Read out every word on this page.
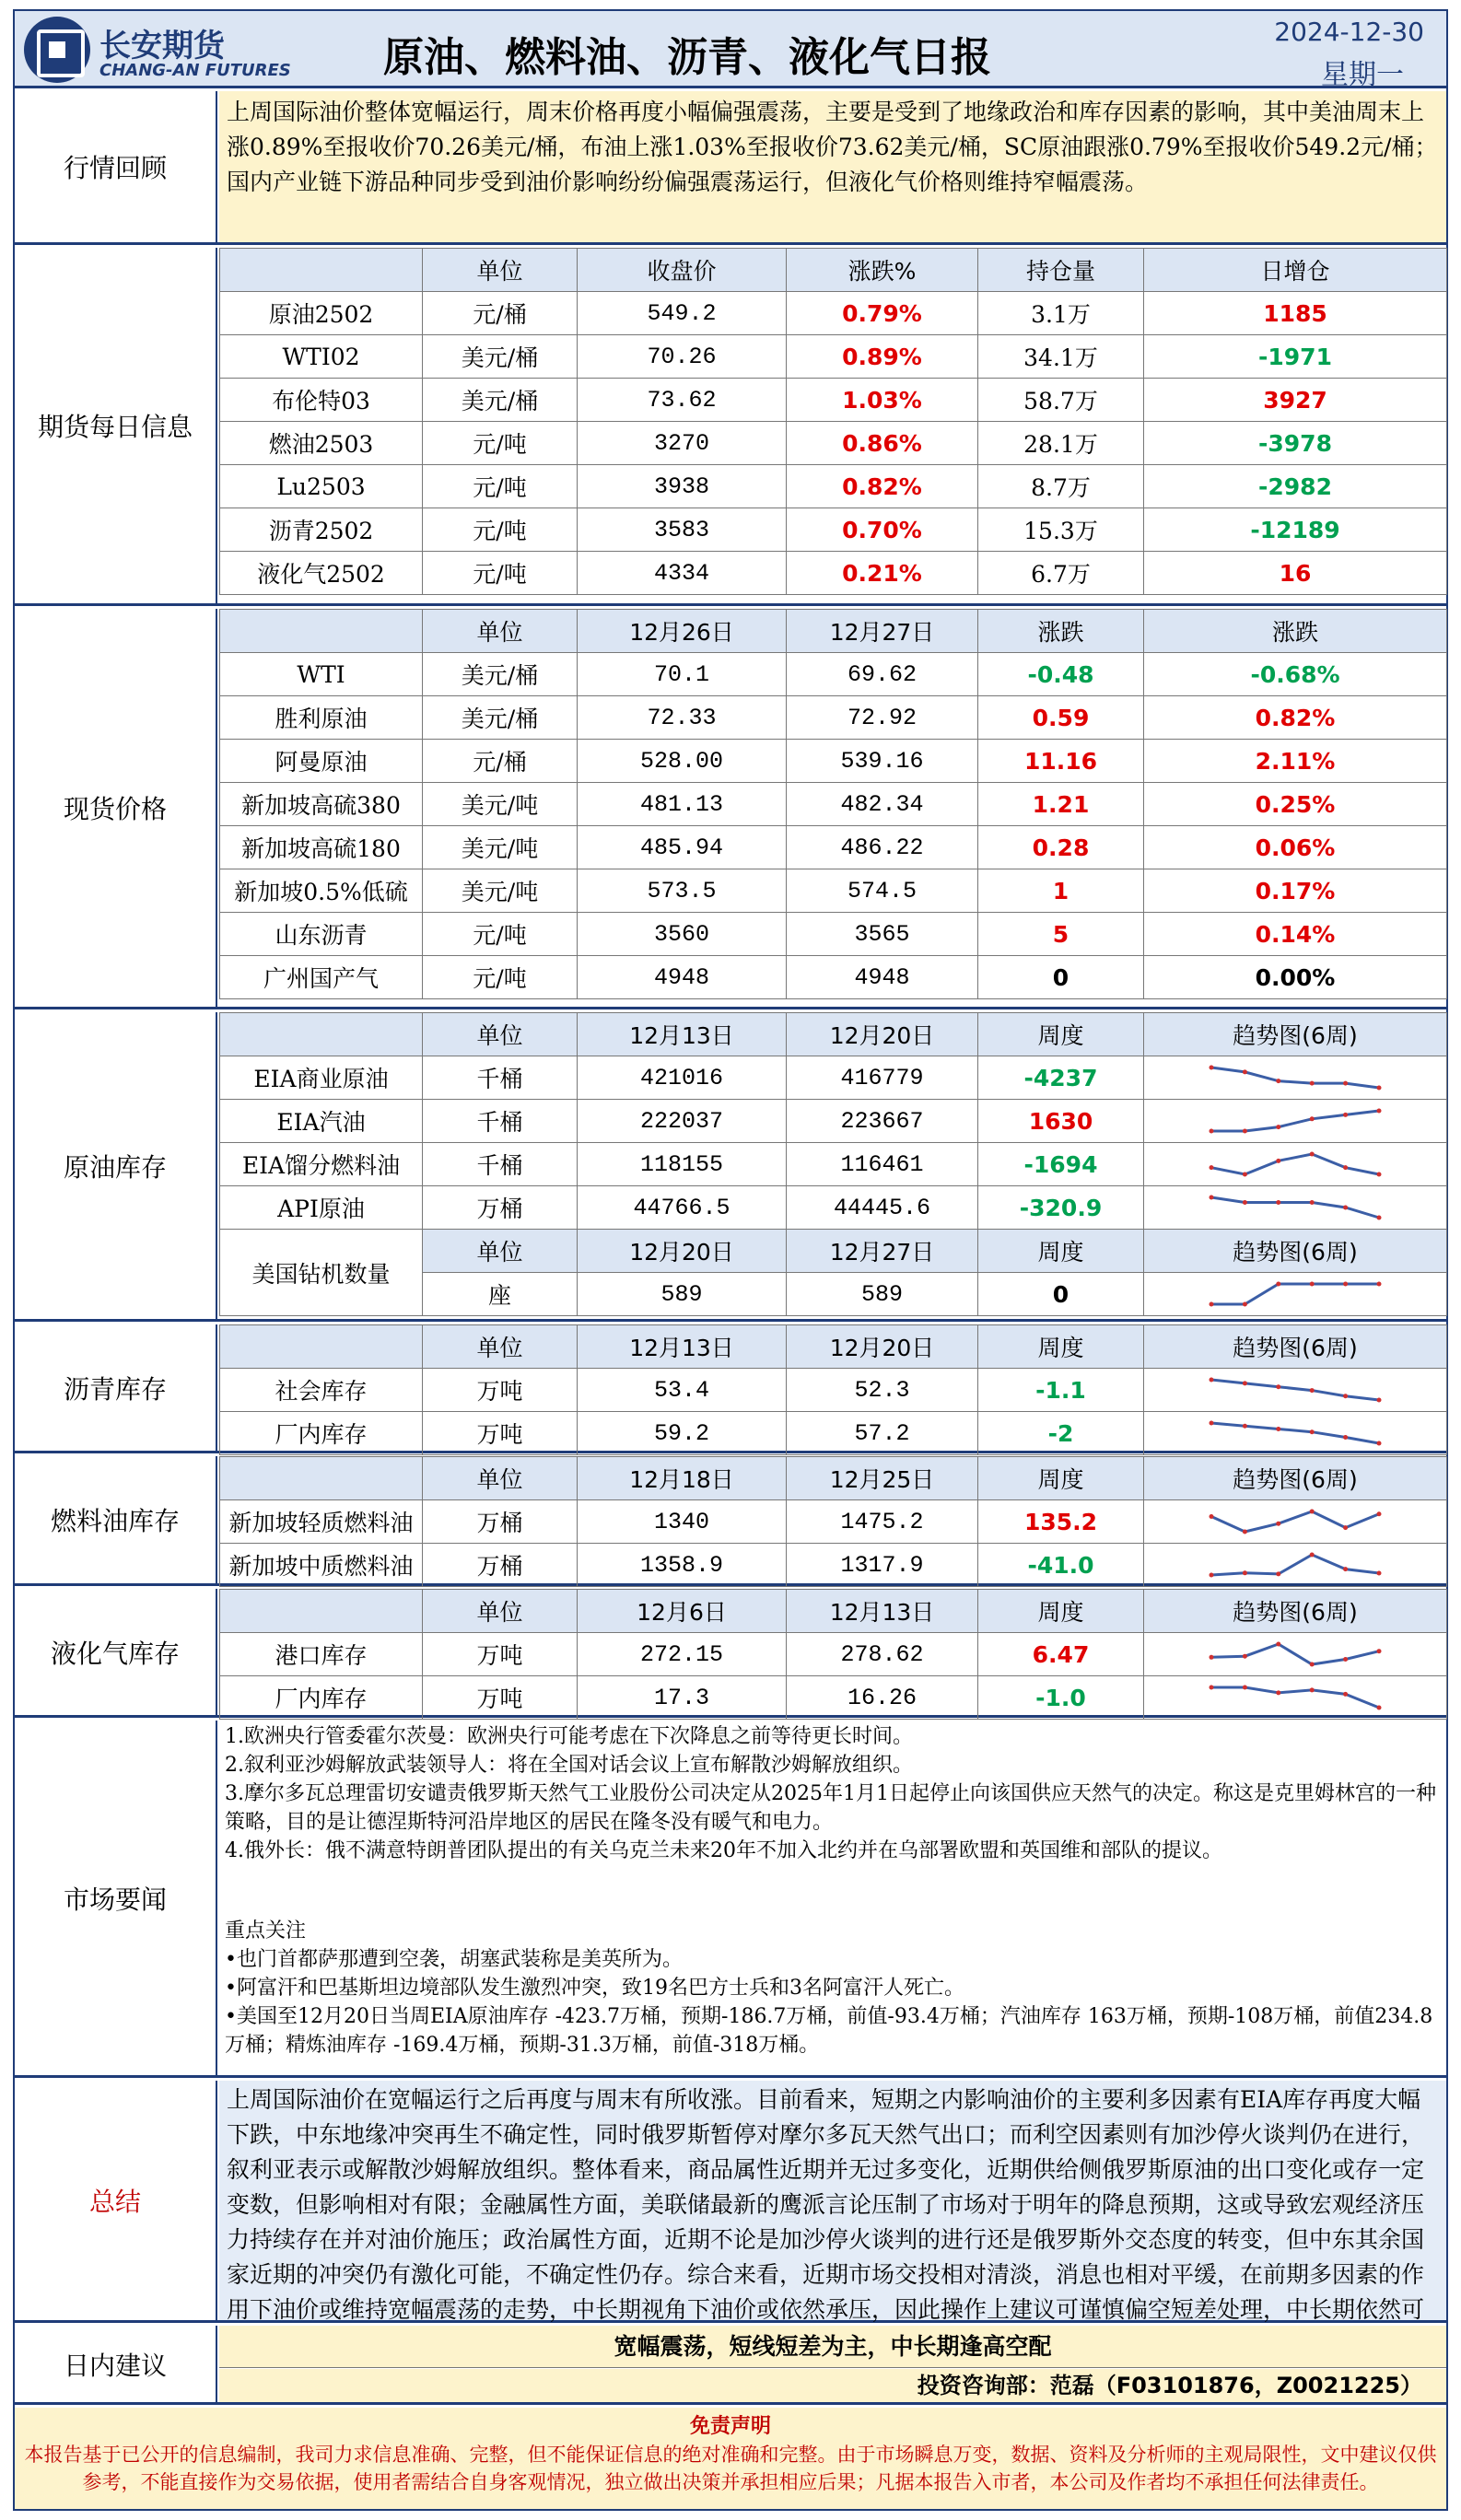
长安期货
CHANG-AN FUTURES 原油、燃料油、沥青、液化气日报
2024-12-30
星期一
行情回顾
上周国际油价整体宽幅运行，周末价格再度小幅偏强震荡，主要是受到了地缘政治和库存因素的影响，其中美油周末上涨0.89%至报收价70.26美元/桶，布油上涨1.03%至报收价73.62美元/桶，SC原油跟涨0.79%至报收价549.2元/桶；国内产业链下游品种同步受到油价影响纷纷偏强震荡运行，但液化气价格则维持窄幅震荡。
期货每日信息
	单位	收盘价	涨跌%	持仓量	日增仓
原油2502	元/桶	549.2	0.79%	3.1万	1185
WTI02	美元/桶	70.26	0.89%	34.1万	-1971
布伦特03	美元/桶	73.62	1.03%	58.7万	3927
燃油2503	元/吨	3270	0.86%	28.1万	-3978
Lu2503	元/吨	3938	0.82%	8.7万	-2982
沥青2502	元/吨	3583	0.70%	15.3万	-12189
液化气2502	元/吨	4334	0.21%	6.7万	16
现货价格
	单位	12月26日	12月27日	涨跌	涨跌
WTI	美元/桶	70.1	69.62	-0.48	-0.68%
胜利原油	美元/桶	72.33	72.92	0.59	0.82%
阿曼原油	元/桶	528.00	539.16	11.16	2.11%
新加坡高硫380	美元/吨	481.13	482.34	1.21	0.25%
新加坡高硫180	美元/吨	485.94	486.22	0.28	0.06%
新加坡0.5%低硫	美元/吨	573.5	574.5	1	0.17%
山东沥青	元/吨	3560	3565	5	0.14%
广州国产气	元/吨	4948	4948	0	0.00%
原油库存
	单位	12月13日	12月20日	周度	趋势图(6周)
EIA商业原油	千桶	421016	416779	-4237	

EIA汽油	千桶	222037	223667	1630	

EIA馏分燃料油	千桶	118155	116461	-1694	

API原油	万桶	44766.5	44445.6	-320.9	

美国钻机数量	单位	12月20日	12月27日	周度	趋势图(6周)
	座	589	589	0	
沥青库存
	单位	12月13日	12月20日	周度	趋势图(6周)
社会库存	万吨	53.4	52.3	-1.1	

厂内库存	万吨	59.2	57.2	-2	
燃料油库存
	单位	12月18日	12月25日	周度	趋势图(6周)
新加坡轻质燃料油	万桶	1340	1475.2	135.2	

新加坡中质燃料油	万桶	1358.9	1317.9	-41.0	
液化气库存
	单位	12月6日	12月13日	周度	趋势图(6周)
港口库存	万吨	272.15	278.62	6.47	

厂内库存	万吨	17.3	16.26	-1.0	
市场要闻
1.欧洲央行管委霍尔茨曼：欧洲央行可能考虑在下次降息之前等待更长时间。
2.叙利亚沙姆解放武装领导人：将在全国对话会议上宣布解散沙姆解放组织。
3.摩尔多瓦总理雷切安谴责俄罗斯天然气工业股份公司决定从2025年1月1日起停止向该国供应天然气的决定。称这是克里姆林宫的一种策略，目的是让德涅斯特河沿岸地区的居民在隆冬没有暖气和电力。
4.俄外长：俄不满意特朗普团队提出的有关乌克兰未来20年不加入北约并在乌部署欧盟和英国维和部队的提议。
重点关注
•也门首都萨那遭到空袭，胡塞武装称是美英所为。
•阿富汗和巴基斯坦边境部队发生激烈冲突，致19名巴方士兵和3名阿富汗人死亡。
•美国至12月20日当周EIA原油库存 -423.7万桶，预期-186.7万桶，前值-93.4万桶；汽油库存 163万桶，预期-108万桶，前值234.8万桶；精炼油库存 -169.4万桶，预期-31.3万桶，前值-318万桶。
总结
上周国际油价在宽幅运行之后再度与周末有所收涨。目前看来，短期之内影响油价的主要利多因素有EIA库存再度大幅下跌，中东地缘冲突再生不确定性，同时俄罗斯暂停对摩尔多瓦天然气出口；而利空因素则有加沙停火谈判仍在进行，叙利亚表示或解散沙姆解放组织。整体看来，商品属性近期并无过多变化，近期供给侧俄罗斯原油的出口变化或存一定变数，但影响相对有限；金融属性方面，美联储最新的鹰派言论压制了市场对于明年的降息预期，这或导致宏观经济压力持续存在并对油价施压；政治属性方面，近期不论是加沙停火谈判的进行还是俄罗斯外交态度的转变，但中东其余国家近期的冲突仍有激化可能，不确定性仍存。综合来看，近期市场交投相对清淡，消息也相对平缓，在前期多因素的作用下油价或维持宽幅震荡的走势，中长期视角下油价或依然承压，因此操作上建议可谨慎偏空短差处理，中长期依然可
日内建议
宽幅震荡，短线短差为主，中长期逢高空配
投资咨询部：范磊（F03101876，Z0021225）
免责声明
本报告基于已公开的信息编制，我司力求信息准确、完整，但不能保证信息的绝对准确和完整。由于市场瞬息万变，数据、资料及分析师的主观局限性，文中建议仅供参考，不能直接作为交易依据，使用者需结合自身客观情况，独立做出决策并承担相应后果；凡据本报告入市者，本公司及作者均不承担任何法律责任。
